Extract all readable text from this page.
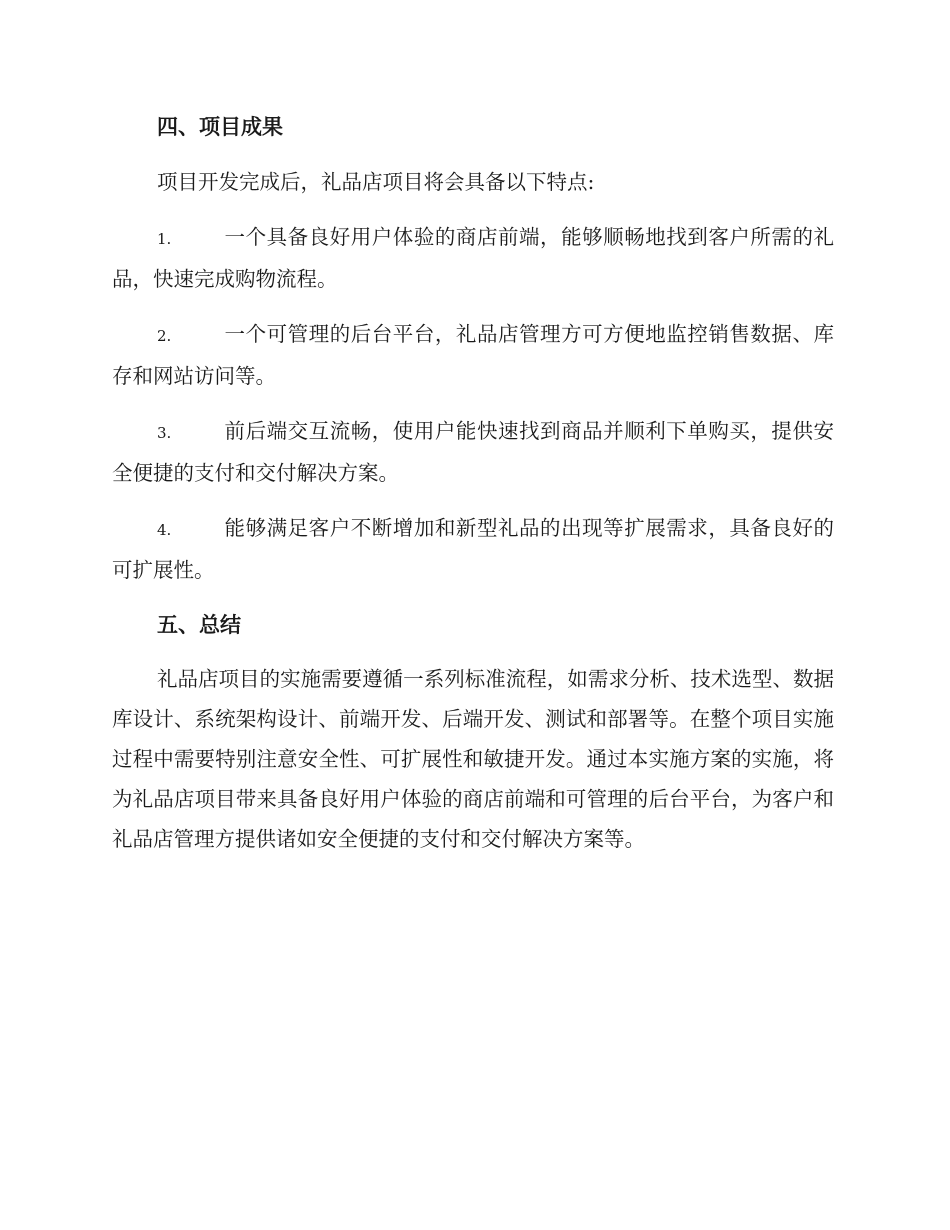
四、项目成果

项目开发完成后，礼品店项目将会具备以下特点:

1.	一个具备良好用户体验的商店前端，能够顺畅地找到客户所需的礼品，快速完成购物流程。

2.	一个可管理的后台平台，礼品店管理方可方便地监控销售数据、库存和网站访问等。

3.	前后端交互流畅，使用户能快速找到商品并顺利下单购买，提供安全便捷的支付和交付解决方案。

4.	能够满足客户不断增加和新型礼品的出现等扩展需求，具备良好的可扩展性。

五、总结

礼品店项目的实施需要遵循一系列标准流程，如需求分析、技术选型、数据库设计、系统架构设计、前端开发、后端开发、测试和部署等。在整个项目实施过程中需要特别注意安全性、可扩展性和敏捷开发。通过本实施方案的实施，将为礼品店项目带来具备良好用户体验的商店前端和可管理的后台平台，为客户和礼品店管理方提供诸如安全便捷的支付和交付解决方案等。
